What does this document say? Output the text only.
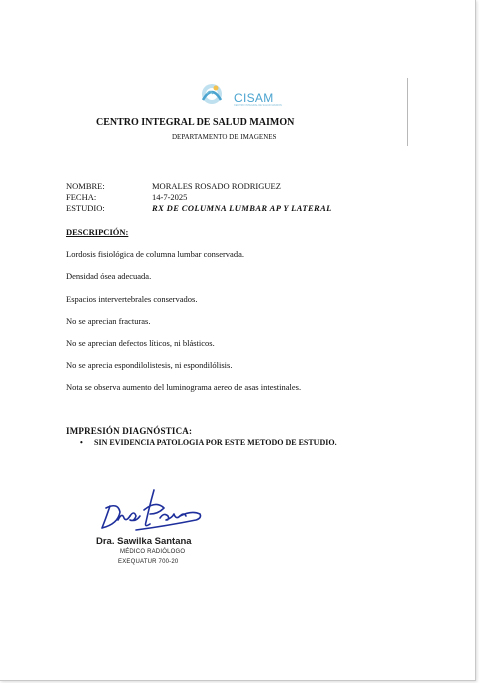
CISAM
CENTRO INTEGRAL DE SALUD MAIMON
CENTRO INTEGRAL DE SALUD MAIMON
DEPARTAMENTO DE IMAGENES
NOMBRE:	MORALES ROSADO RODRIGUEZ
FECHA:	14-7-2025
ESTUDIO:	RX DE COLUMNA LUMBAR AP Y LATERAL
DESCRIPCIÓN:
Lordosis fisiológica de columna lumbar conservada.
Densidad ósea adecuada.
Espacios intervertebrales conservados.
No se aprecian fracturas.
No se aprecian defectos líticos, ni blásticos.
No se aprecia espondilolistesis, ni espondilólisis.
Nota se observa aumento del luminograma aereo de asas intestinales.
IMPRESIÓN DIAGNÓSTICA:
• SIN EVIDENCIA PATOLOGIA POR ESTE METODO DE ESTUDIO.
Dra. Sawilka Santana
MÉDICO RADIÓLOGO
EXEQUATUR 700-20
